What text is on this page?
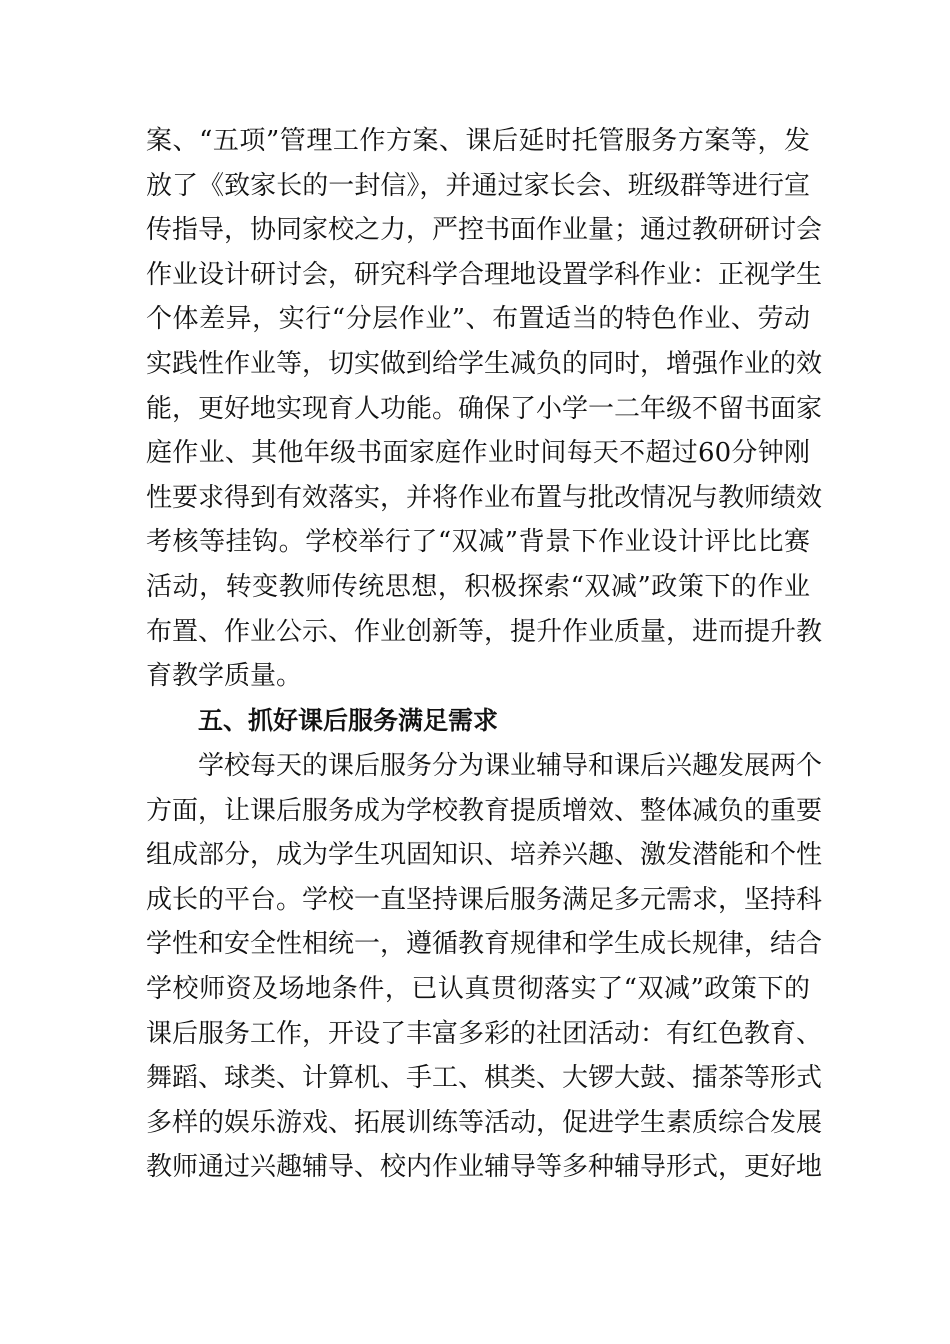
案、“五项”管理工作方案、课后延时托管服务方案等，发
放了《致家长的一封信》，并通过家长会、班级群等进行宣
传指导，协同家校之力，严控书面作业量；通过教研研讨会
作业设计研讨会，研究科学合理地设置学科作业：正视学生
个体差异，实行“分层作业”、布置适当的特色作业、劳动
实践性作业等，切实做到给学生减负的同时，增强作业的效
能，更好地实现育人功能。确保了小学一二年级不留书面家
庭作业、其他年级书面家庭作业时间每天不超过60分钟刚
性要求得到有效落实，并将作业布置与批改情况与教师绩效
考核等挂钩。学校举行了“双减”背景下作业设计评比比赛
活动，转变教师传统思想，积极探索“双减”政策下的作业
布置、作业公示、作业创新等，提升作业质量，进而提升教
育教学质量。
五、抓好课后服务满足需求
学校每天的课后服务分为课业辅导和课后兴趣发展两个
方面，让课后服务成为学校教育提质增效、整体减负的重要
组成部分，成为学生巩固知识、培养兴趣、激发潜能和个性
成长的平台。学校一直坚持课后服务满足多元需求，坚持科
学性和安全性相统一，遵循教育规律和学生成长规律，结合
学校师资及场地条件，已认真贯彻落实了“双减”政策下的
课后服务工作，开设了丰富多彩的社团活动：有红色教育、
舞蹈、球类、计算机、手工、棋类、大锣大鼓、擂茶等形式
多样的娱乐游戏、拓展训练等活动，促进学生素质综合发展
教师通过兴趣辅导、校内作业辅导等多种辅导形式，更好地
